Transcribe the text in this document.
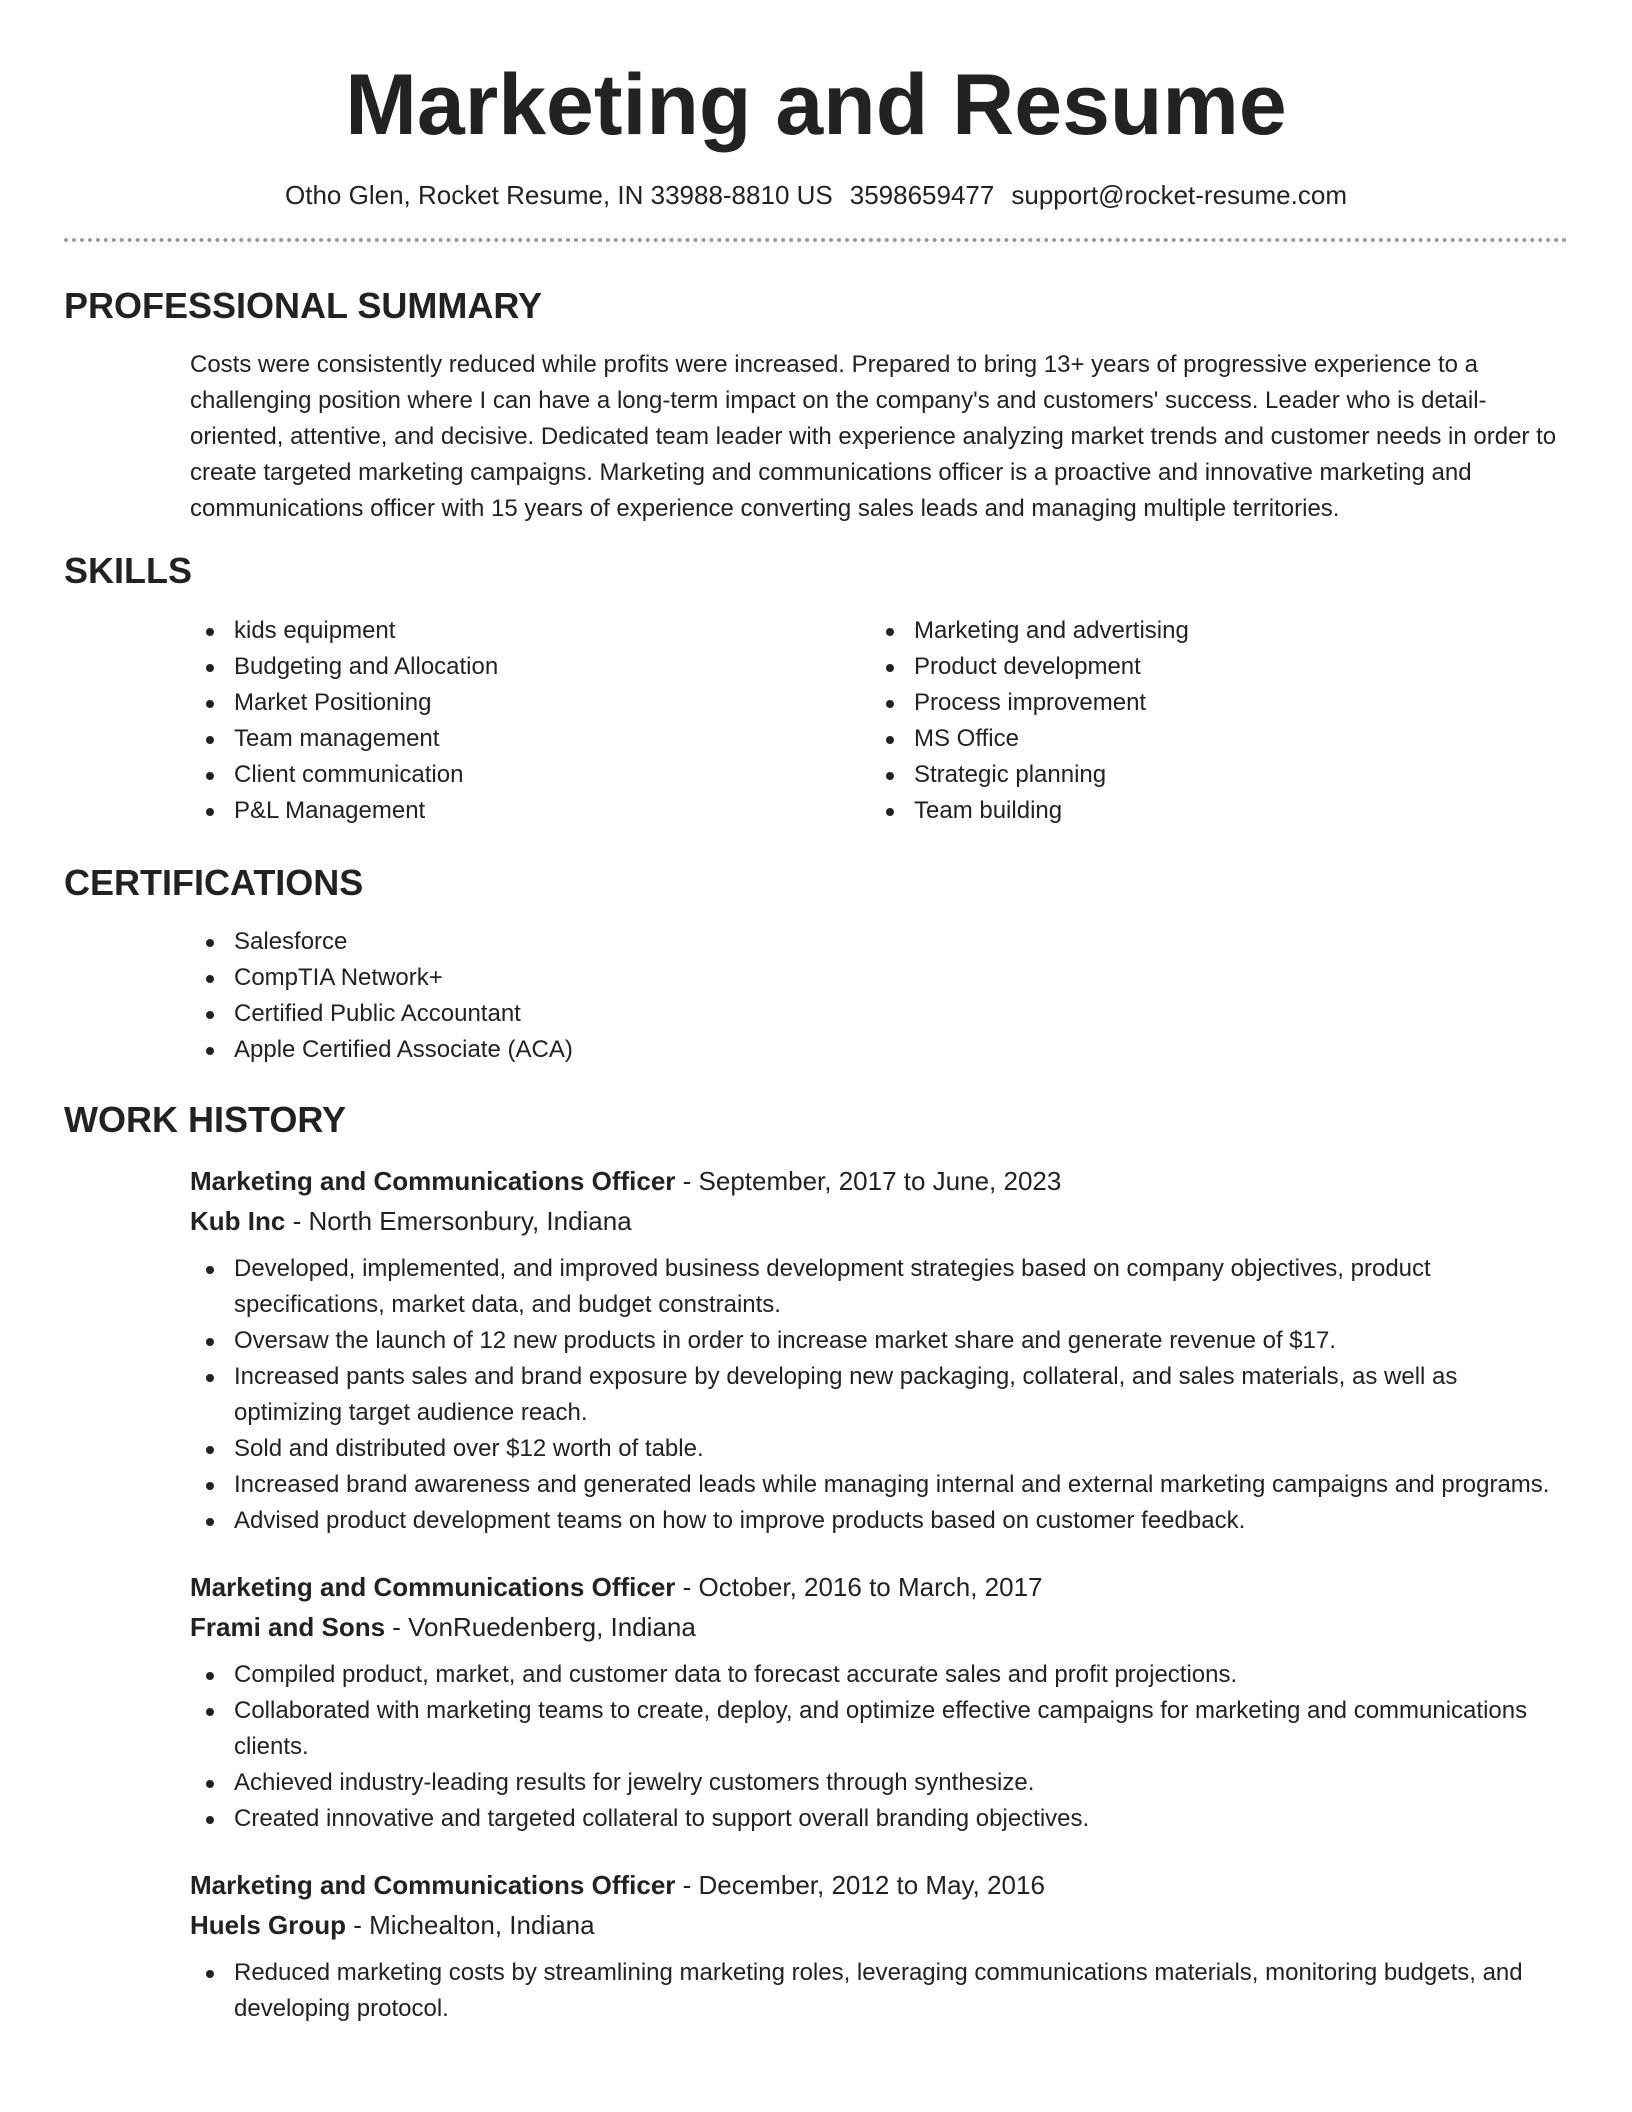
Marketing and Resume
Otho Glen, Rocket Resume, IN 33988-8810 US 3598659477 support@rocket-resume.com
PROFESSIONAL SUMMARY

Costs were consistently reduced while profits were increased. Prepared to bring 13+ years of progressive experience to a challenging position where I can have a long-term impact on the company's and customers' success. Leader who is detail-oriented, attentive, and decisive. Dedicated team leader with experience analyzing market trends and customer needs in order to create targeted marketing campaigns. Marketing and communications officer is a proactive and innovative marketing and communications officer with 15 years of experience converting sales leads and managing multiple territories.

SKILLS
kids equipment
Budgeting and Allocation
Market Positioning
Team management
Client communication
P&L Management
Marketing and advertising
Product development
Process improvement
MS Office
Strategic planning
Team building
CERTIFICATIONS
Salesforce
CompTIA Network+
Certified Public Accountant
Apple Certified Associate (ACA)
WORK HISTORY
Marketing and Communications Officer - September, 2017 to June, 2023
Kub Inc - North Emersonbury, Indiana
Developed, implemented, and improved business development strategies based on company objectives, product specifications, market data, and budget constraints.
Oversaw the launch of 12 new products in order to increase market share and generate revenue of $17.
Increased pants sales and brand exposure by developing new packaging, collateral, and sales materials, as well as optimizing target audience reach.
Sold and distributed over $12 worth of table.
Increased brand awareness and generated leads while managing internal and external marketing campaigns and programs.
Advised product development teams on how to improve products based on customer feedback.
Marketing and Communications Officer - October, 2016 to March, 2017
Frami and Sons - VonRuedenberg, Indiana
Compiled product, market, and customer data to forecast accurate sales and profit projections.
Collaborated with marketing teams to create, deploy, and optimize effective campaigns for marketing and communications clients.
Achieved industry-leading results for jewelry customers through synthesize.
Created innovative and targeted collateral to support overall branding objectives.
Marketing and Communications Officer - December, 2012 to May, 2016
Huels Group - Michealton, Indiana
Reduced marketing costs by streamlining marketing roles, leveraging communications materials, monitoring budgets, and developing protocol.
